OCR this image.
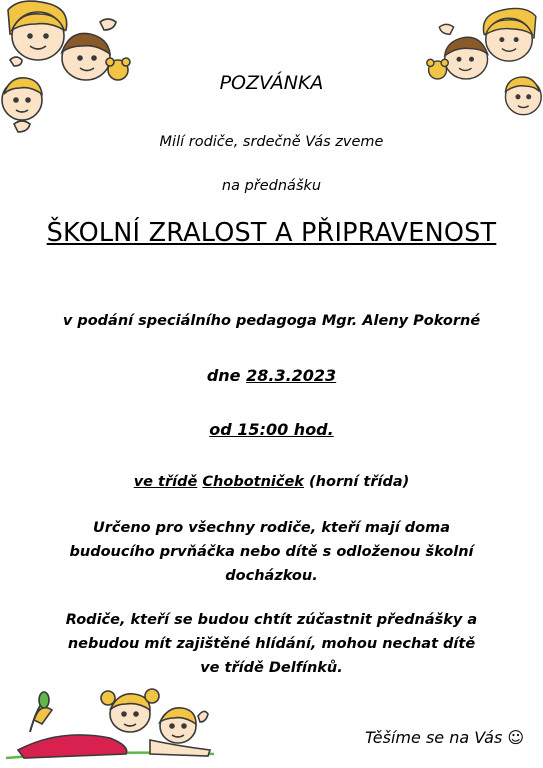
POZVÁNKA
Milí rodiče, srdečně Vás zveme
na přednášku
ŠKOLNÍ ZRALOST A PŘIPRAVENOST
v podání speciálního pedagoga Mgr. Aleny Pokorné
dne 28.3.2023
od 15:00 hod.
ve třídě Chobotniček (horní třída)
Určeno pro všechny rodiče, kteří mají doma budoucího prvňáčka nebo dítě s odloženou školní docházkou.
Rodiče, kteří se budou chtít zúčastnit přednášky a nebudou mít zajištěné hlídání, mohou nechat dítě ve třídě Delfínků.
Těšíme se na Vás ☺
